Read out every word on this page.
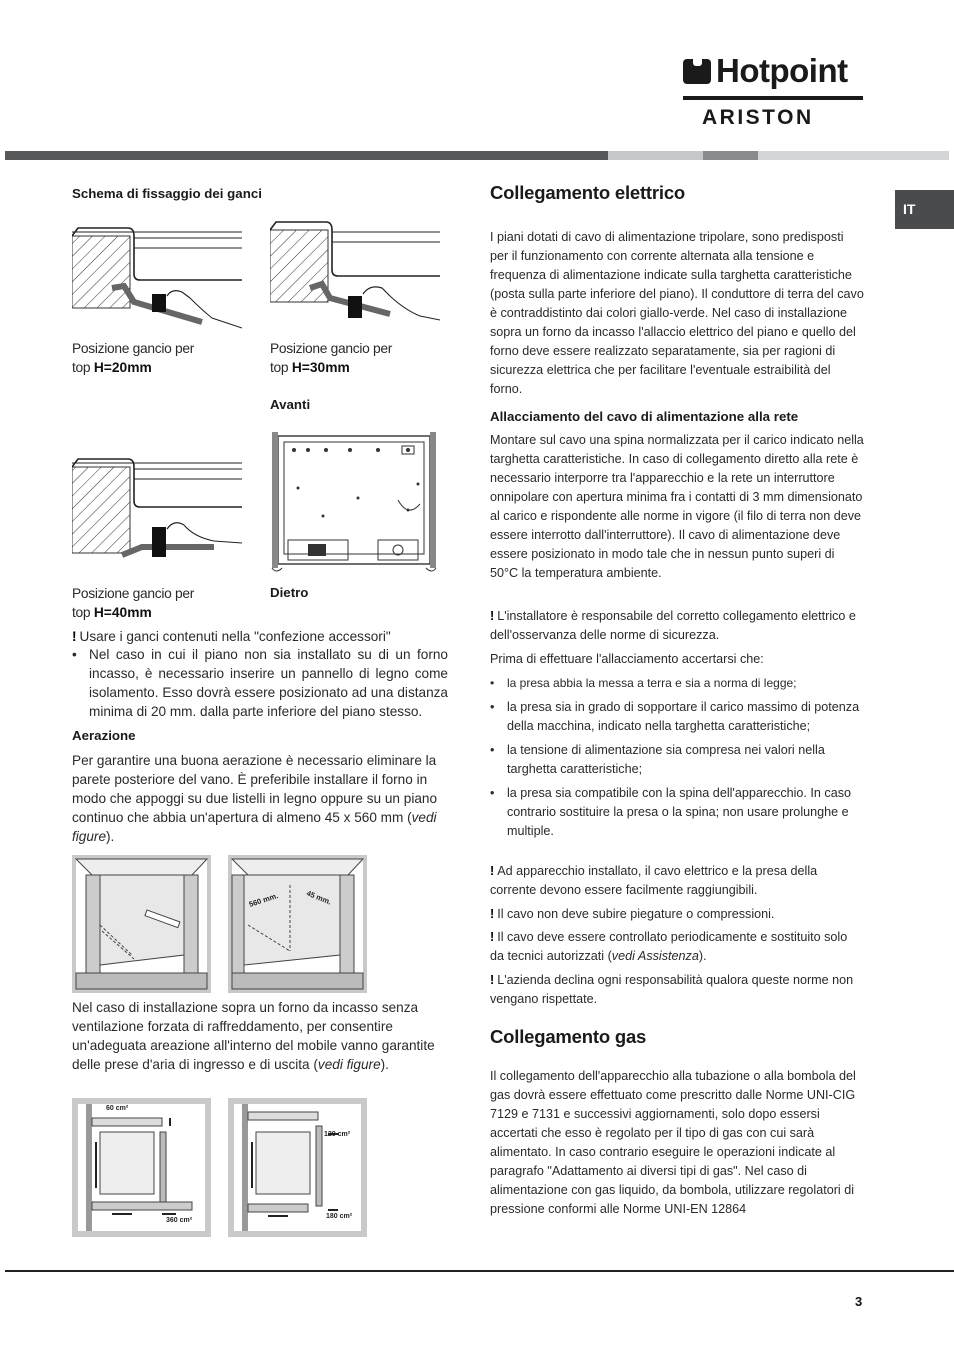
Hotpoint
ARISTON
IT
Schema di fissaggio dei ganci
Posizione gancio per
top H=20mm
Posizione gancio per
top H=30mm
Avanti
Posizione gancio per
top H=40mm
Dietro
! Usare i ganci contenuti nella "confezione accessori"
• Nel caso in cui il piano non sia installato su di un forno incasso, è necessario inserire un pannello di legno come isolamento. Esso dovrà essere posizionato ad una distanza minima di 20 mm. dalla parte inferiore del piano stesso.
Aerazione
Per garantire una buona aerazione è necessario eliminare la parete posteriore del vano. È preferibile installare il forno in modo che appoggi su due listelli in legno oppure su un piano continuo che abbia un'apertura di almeno 45 x 560 mm (vedi figure).
560 mm.	45 mm.
Nel caso di installazione sopra un forno da incasso senza ventilazione forzata di raffreddamento, per consentire un'adeguata areazione all'interno del mobile vanno garantite delle prese d'aria di ingresso e di uscita (vedi figure).
60 cm²
360 cm²
120 cm²
180 cm²
Collegamento elettrico
I piani dotati di cavo di alimentazione tripolare, sono predisposti per il funzionamento con corrente alternata alla tensione e frequenza di alimentazione indicate sulla targhetta caratteristiche (posta sulla parte inferiore del piano). Il conduttore di terra del cavo è contraddistinto dai colori giallo-verde. Nel caso di installazione sopra un forno da incasso l'allaccio elettrico del piano e quello del forno deve essere realizzato separatamente, sia per ragioni di sicurezza elettrica che per facilitare l'eventuale estraibilità del forno.
Allacciamento del cavo di alimentazione alla rete
Montare sul cavo una spina normalizzata per il carico indicato nella targhetta caratteristiche. In caso di collegamento diretto alla rete è necessario interporre tra l'apparecchio e la rete un interruttore onnipolare con apertura minima fra i contatti di 3 mm dimensionato al carico e rispondente alle norme in vigore (il filo di terra non deve essere interrotto dall'interruttore). Il cavo di alimentazione deve essere posizionato in modo tale che in nessun punto superi di 50°C la temperatura ambiente.
! L'installatore è responsabile del corretto collegamento elettrico e dell'osservanza delle norme di sicurezza.
Prima di effettuare l'allacciamento accertarsi che:
• la presa abbia la messa a terra e sia a norma di legge;
• la presa sia in grado di sopportare il carico massimo di potenza della macchina, indicato nella targhetta caratteristiche;
• la tensione di alimentazione sia compresa nei valori nella targhetta caratteristiche;
• la presa sia compatibile con la spina dell'apparecchio. In caso contrario sostituire la presa o la spina; non usare prolunghe e multiple.
! Ad apparecchio installato, il cavo elettrico e la presa della corrente devono essere facilmente raggiungibili.
! Il cavo non deve subire piegature o compressioni.
! Il cavo deve essere controllato periodicamente e sostituito solo da tecnici autorizzati (vedi Assistenza).
! L'azienda declina ogni responsabilità qualora queste norme non vengano rispettate.
Collegamento gas
Il collegamento dell'apparecchio alla tubazione o alla bombola del gas dovrà essere effettuato come prescritto dalle Norme UNI-CIG 7129 e 7131 e successivi aggiornamenti, solo dopo essersi accertati che esso è regolato per il tipo di gas con cui sarà alimentato. In caso contrario eseguire le operazioni indicate al paragrafo "Adattamento ai diversi tipi di gas". Nel caso di alimentazione con gas liquido, da bombola, utilizzare regolatori di pressione conformi alle Norme UNI-EN 12864
3
